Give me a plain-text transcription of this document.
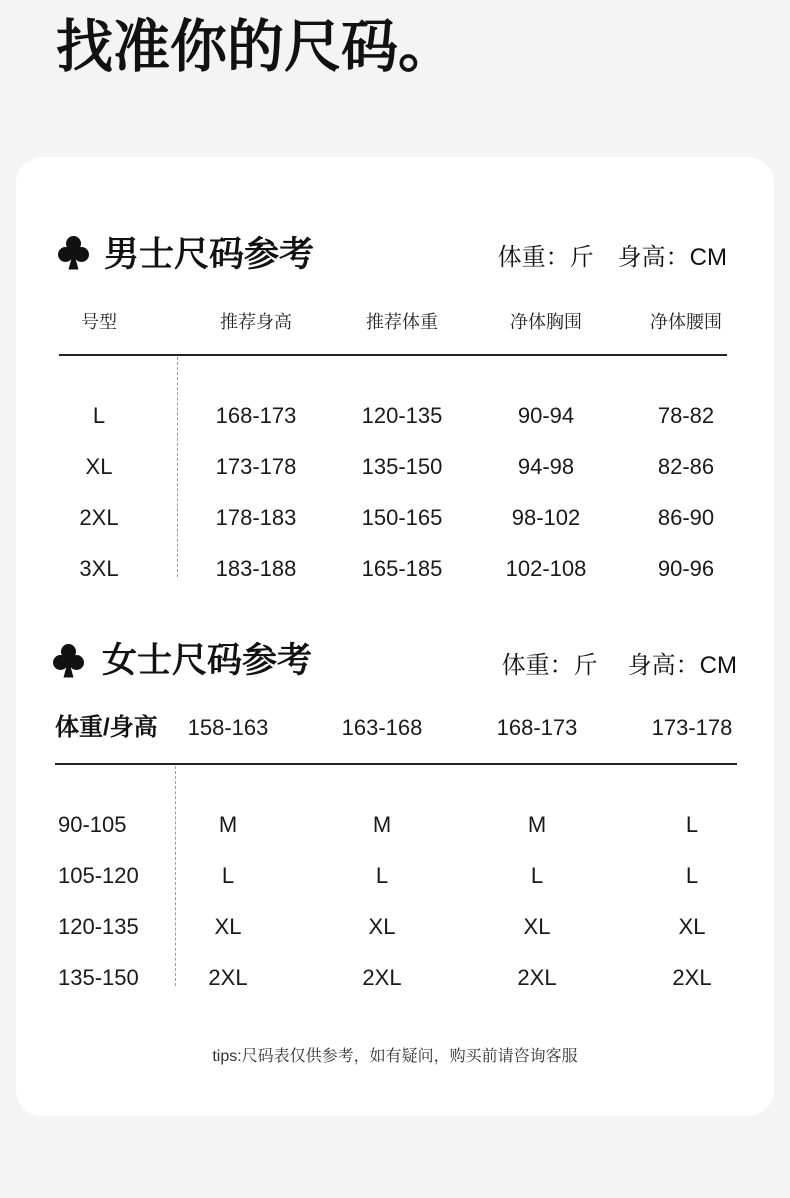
找准你的尺码。
男士尺码参考	体重：斤 身高：CM
号型	推荐身高	推荐体重	净体胸围	净体腰围
L	168-173	120-135	90-94	78-82
XL	173-178	135-150	94-98	82-86
2XL	178-183	150-165	98-102	86-90
3XL	183-188	165-185	102-108	90-96
女士尺码参考	体重：斤 身高：CM
体重/身高	158-163	163-168	168-173	173-178
90-105	M	M	M	L
105-120	L	L	L	L
120-135	XL	XL	XL	XL
135-150	2XL	2XL	2XL	2XL
tips:尺码表仅供参考，如有疑问，购买前请咨询客服
